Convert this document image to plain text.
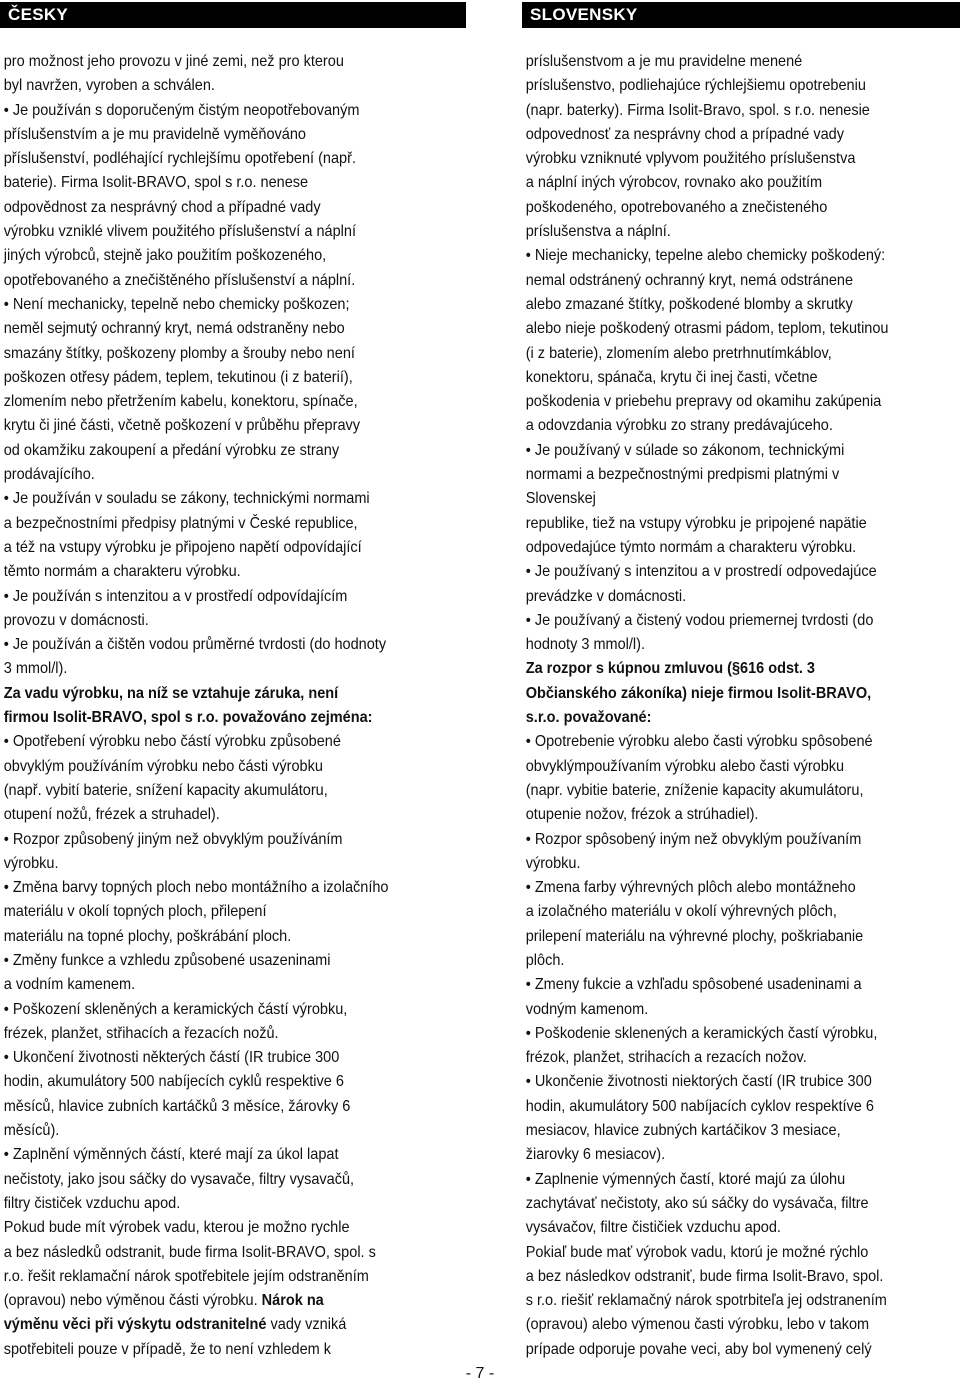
ČESKY

pro možnost jeho provozu v jiné zemi, než pro kterou

byl navržen, vyroben a schválen.

• Je používán s doporučeným čistým neopotřebovaným

příslušenstvím a je mu pravidelně vyměňováno

příslušenství, podléhající rychlejšímu opotřebení (např.

baterie). Firma Isolit-BRAVO, spol s r.o. nenese

odpovědnost za nesprávný chod a případné vady

výrobku vzniklé vlivem použitého příslušenství a náplní

jiných výrobců, stejně jako použitím poškozeného,

opotřebovaného a znečištěného příslušenství a náplní.

• Není mechanicky, tepelně nebo chemicky poškozen;

neměl sejmutý ochranný kryt, nemá odstraněny nebo

smazány štítky, poškozeny plomby a šrouby nebo není

poškozen otřesy pádem, teplem, tekutinou (i z baterií),

zlomením nebo přetržením kabelu, konektoru, spínače,

krytu či jiné části, včetně poškození v průběhu přepravy

od okamžiku zakoupení a předání výrobku ze strany

prodávajícího.

• Je používán v souladu se zákony, technickými normami

a bezpečnostními předpisy platnými v České republice,

a též na vstupy výrobku je připojeno napětí odpovídající

těmto normám a charakteru výrobku.

• Je používán s intenzitou a v prostředí odpovídajícím

provozu v domácnosti.

• Je používán a čištěn vodou průměrné tvrdosti (do hodnoty

3 mmol/l).

Za vadu výrobku, na níž se vztahuje záruka, není

firmou Isolit-BRAVO, spol s r.o. považováno zejména:

• Opotřebení výrobku nebo částí výrobku způsobené

obvyklým používáním výrobku nebo části výrobku

(např. vybití baterie, snížení kapacity akumulátoru,

otupení nožů, frézek a struhadel).

• Rozpor způsobený jiným než obvyklým používáním

výrobku.

• Změna barvy topných ploch nebo montážního a izolačního

materiálu v okolí topných ploch, přilepení

materiálu na topné plochy, poškrábání ploch.

• Změny funkce a vzhledu způsobené usazeninami

a vodním kamenem.

• Poškození skleněných a keramických částí výrobku,

frézek, planžet, střihacích a řezacích nožů.

• Ukončení životnosti některých částí (IR trubice 300

hodin, akumulátory 500 nabíjecích cyklů respektive 6

měsíců, hlavice zubních kartáčků 3 měsíce, žárovky 6

měsíců).

• Zaplnění výměnných částí, které mají za úkol lapat

nečistoty, jako jsou sáčky do vysavače, filtry vysavačů,

filtry čističek vzduchu apod.

Pokud bude mít výrobek vadu, kterou je možno rychle

a bez následků odstranit, bude firma Isolit-BRAVO, spol. s

r.o. řešit reklamační nárok spotřebitele jejím odstraněním

(opravou) nebo výměnou části výrobku. Nárok na

výměnu věci při výskytu odstranitelné vady vzniká

spotřebiteli pouze v případě, že to není vzhledem k

SLOVENSKY

príslušenstvom a je mu pravidelne menené

príslušenstvo, podliehajúce rýchlejšiemu opotrebeniu

(napr. baterky). Firma Isolit-Bravo, spol. s r.o. nenesie

odpovednosť za nesprávny chod a prípadné vady

výrobku vzniknuté vplyvom použitého príslušenstva

a náplní iných výrobcov, rovnako ako použitím

poškodeného, opotrebovaného a znečisteného

príslušenstva a náplní.

• Nieje mechanicky, tepelne alebo chemicky poškodený:

nemal odstránený ochranný kryt, nemá odstránene

alebo zmazané štítky, poškodené blomby a skrutky

alebo nieje poškodený otrasmi pádom, teplom, tekutinou

(i z baterie), zlomením alebo pretrhnutímkáblov,

konektoru, spánača, krytu či inej časti, včetne

poškodenia v priebehu prepravy od okamihu zakúpenia

a odovzdania výrobku zo strany predávajúceho.

• Je používaný v súlade so zákonom, technickými

normami a bezpečnostnými predpismi platnými v

Slovenskej

republike, tiež na vstupy výrobku je pripojené napätie

odpovedajúce týmto normám a charakteru výrobku.

• Je používaný s intenzitou a v prostredí odpovedajúce

prevádzke v domácnosti.

• Je používaný a čistený vodou priemernej tvrdosti (do

hodnoty 3 mmol/l).

Za rozpor s kúpnou zmluvou (§616 odst. 3

Občianského zákoníka) nieje firmou Isolit-BRAVO,

s.r.o. považované:

• Opotrebenie výrobku alebo časti výrobku spôsobené

obvyklýmpoužívaním výrobku alebo časti výrobku

(napr. vybitie baterie, zníženie kapacity akumulátoru,

otupenie nožov, frézok a strúhadiel).

• Rozpor spôsobený iným než obvyklým používaním

výrobku.

• Zmena farby výhrevných plôch alebo montážneho

a izolačného materiálu v okolí výhrevných plôch,

prilepení materiálu na výhrevné plochy, poškriabanie

plôch.

• Zmeny fukcie a vzhľadu spôsobené usadeninami a

vodným kamenom.

• Poškodenie sklenených a keramických častí výrobku,

frézok, planžet, strihacích a rezacích nožov.

• Ukončenie životnosti niektorých častí (IR trubice 300

hodin, akumulátory 500 nabíjacích cyklov respektíve 6

mesiacov, hlavice zubných kartáčikov 3 mesiace,

žiarovky 6 mesiacov).

• Zaplnenie výmenných častí, ktoré majú za úlohu

zachytávať nečistoty, ako sú sáčky do vysávača, filtre

vysávačov, filtre čističiek vzduchu apod.

Pokiaľ bude mať výrobok vadu, ktorú je možné rýchlo

a bez následkov odstraniť, bude firma Isolit-Bravo, spol.

s r.o. riešiť reklamačný nárok spotrbiteľa jej odstranením

(opravou) alebo výmenou časti výrobku, lebo v takom

prípade odporuje povahe veci, aby bol vymenený celý

- 7 -
